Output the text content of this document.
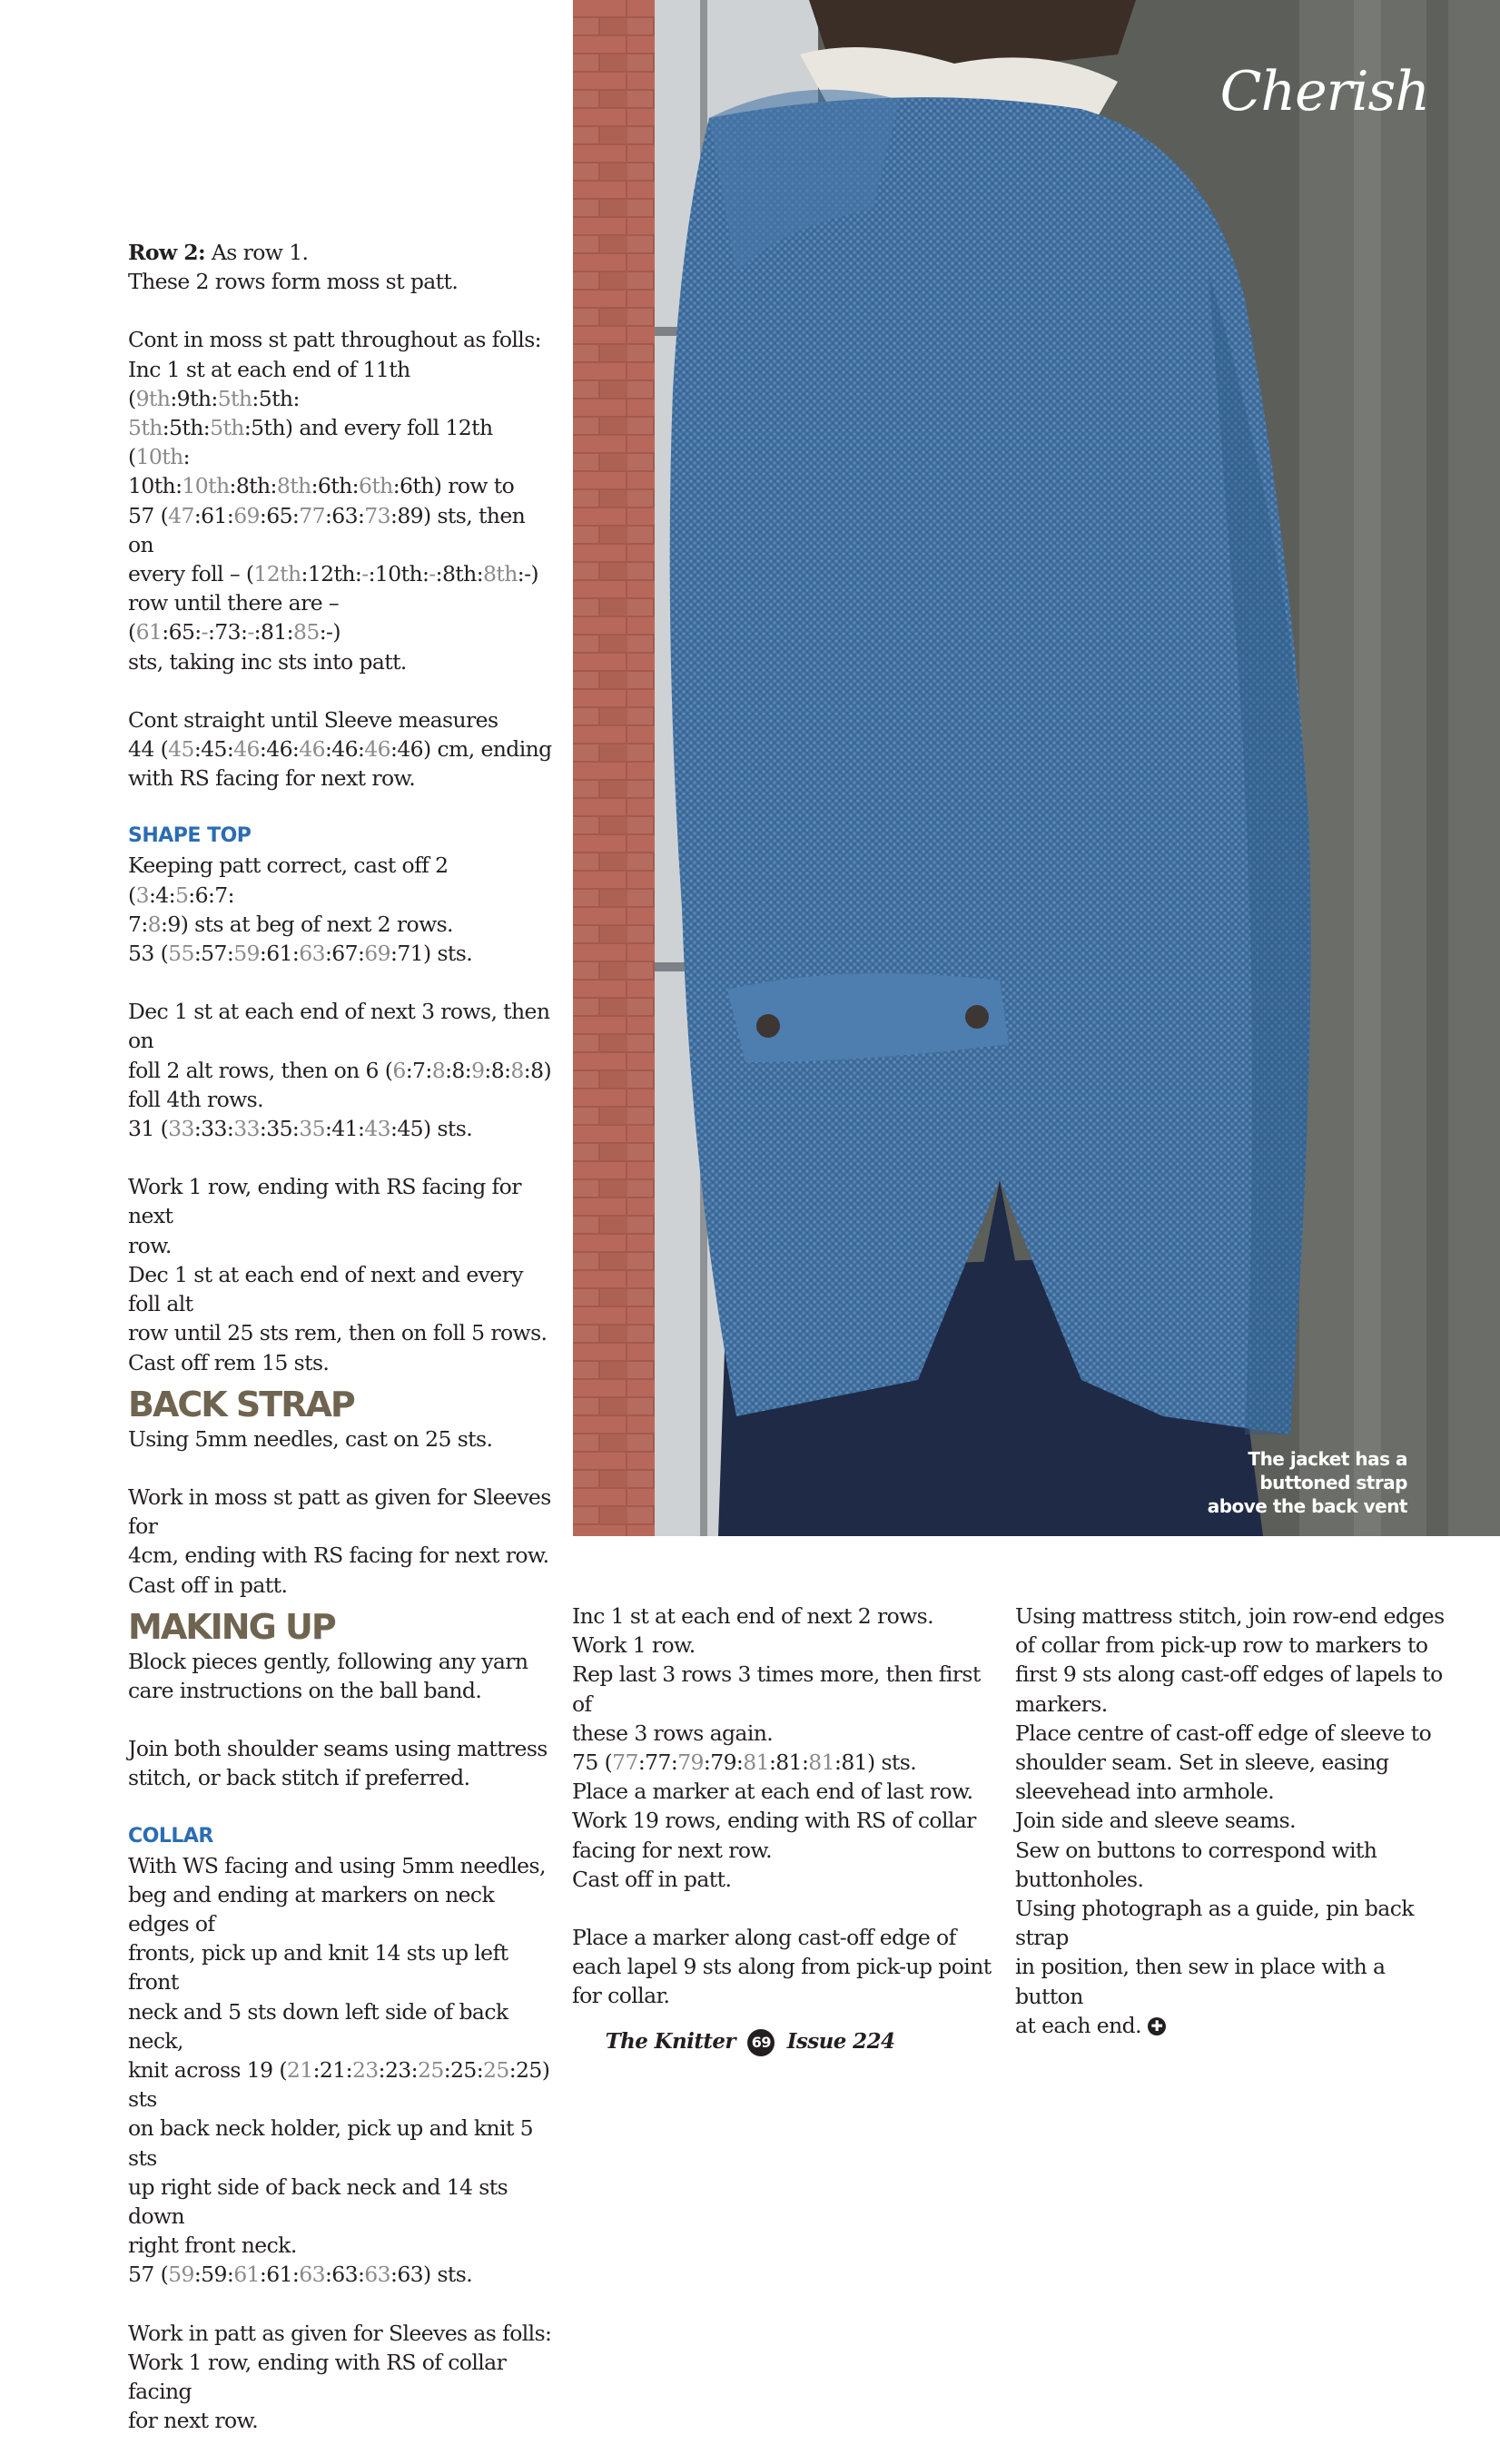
Cherish
The jacket has a
buttoned strap
above the back vent

Row 2: As row 1.
These 2 rows form moss st patt.

Cont in moss st patt throughout as folls:
Inc 1 st at each end of 11th (9th:9th:5th:5th:
5th:5th:5th:5th) and every foll 12th (10th:
10th:10th:8th:8th:6th:6th:6th) row to
57 (47:61:69:65:77:63:73:89) sts, then on
every foll – (12th:12th:-:10th:-:8th:8th:-)
row until there are – (61:65:-:73:-:81:85:-)
sts, taking inc sts into patt.

Cont straight until Sleeve measures
44 (45:45:46:46:46:46:46:46) cm, ending
with RS facing for next row.

SHAPE TOP

Keeping patt correct, cast off 2 (3:4:5:6:7:
7:8:9) sts at beg of next 2 rows.
53 (55:57:59:61:63:67:69:71) sts.

Dec 1 st at each end of next 3 rows, then on
foll 2 alt rows, then on 6 (6:7:8:8:9:8:8:8)
foll 4th rows.
31 (33:33:33:35:35:41:43:45) sts.

Work 1 row, ending with RS facing for next
row.
Dec 1 st at each end of next and every foll alt
row until 25 sts rem, then on foll 5 rows.
Cast off rem 15 sts.

BACK STRAP

Using 5mm needles, cast on 25 sts.

Work in moss st patt as given for Sleeves for
4cm, ending with RS facing for next row.
Cast off in patt.

MAKING UP

Block pieces gently, following any yarn
care instructions on the ball band.

Join both shoulder seams using mattress
stitch, or back stitch if preferred.

COLLAR

With WS facing and using 5mm needles,
beg and ending at markers on neck edges of
fronts, pick up and knit 14 sts up left front
neck and 5 sts down left side of back neck,
knit across 19 (21:21:23:23:25:25:25:25) sts
on back neck holder, pick up and knit 5 sts
up right side of back neck and 14 sts down
right front neck.
57 (59:59:61:61:63:63:63:63) sts.

Work in patt as given for Sleeves as folls:
Work 1 row, ending with RS of collar facing
for next row.

Inc 1 st at each end of next 2 rows.
Work 1 row.
Rep last 3 rows 3 times more, then first of
these 3 rows again.
75 (77:77:79:79:81:81:81:81) sts.
Place a marker at each end of last row.
Work 19 rows, ending with RS of collar
facing for next row.
Cast off in patt.

Place a marker along cast-off edge of
each lapel 9 sts along from pick-up point
for collar.

Using mattress stitch, join row-end edges
of collar from pick-up row to markers to
first 9 sts along cast-off edges of lapels to
markers.
Place centre of cast-off edge of sleeve to
shoulder seam. Set in sleeve, easing
sleevehead into armhole.
Join side and sleeve seams.
Sew on buttons to correspond with
buttonholes.
Using photograph as a guide, pin back strap
in position, then sew in place with a button
at each end. ✚

The Knitter 69 Issue 224
